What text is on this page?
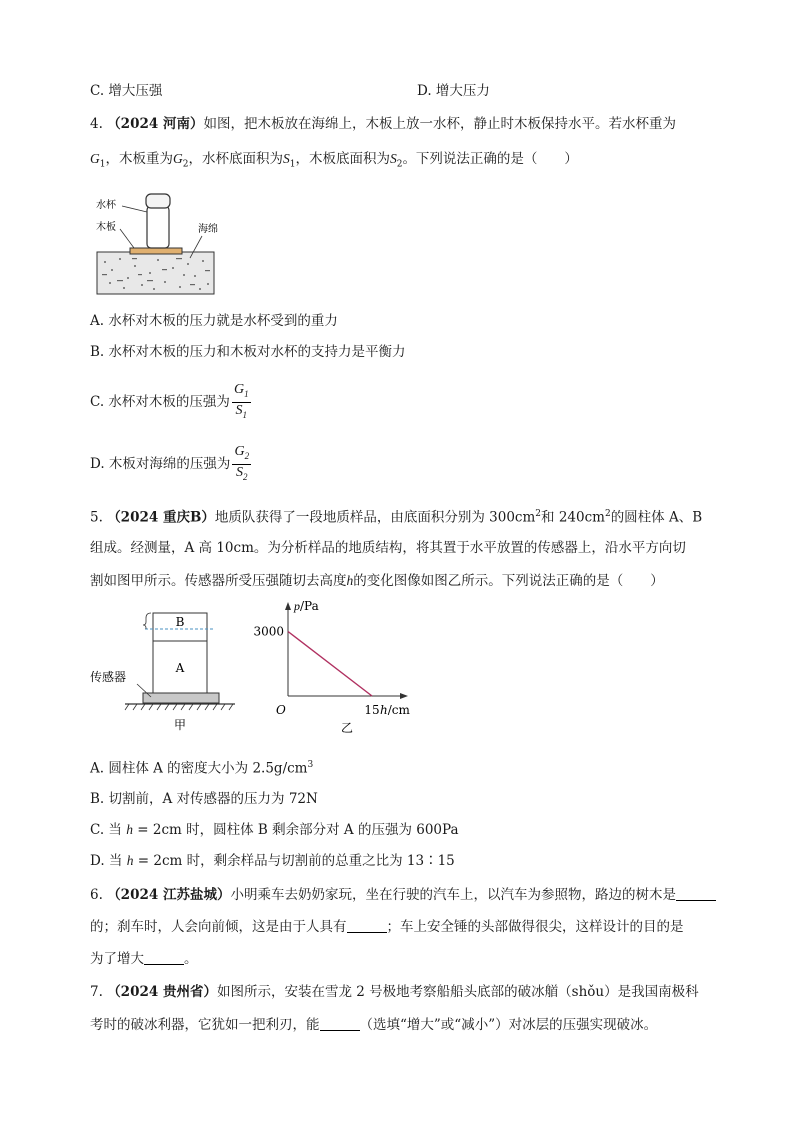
C. 增大压强	D. 增大压力
4. （2024 河南）如图，把木板放在海绵上，木板上放一水杯，静止时木板保持水平。若水杯重为
$G_1$，木板重为$G_2$，水杯底面积为$S_1$，木板底面积为$S_2$。下列说法正确的是（　　）
水杯
木板	海绵
A. 水杯对木板的压力就是水杯受到的重力
B. 水杯对木板的压力和木板对水杯的支持力是平衡力
C. 水杯对木板的压强为 $\frac{G_1}{S_1}$
D. 木板对海绵的压强为 $\frac{G_2}{S_2}$
5. （2024 重庆B）地质队获得了一段地质样品，由底面积分别为 $300cm^2$和 $240cm^2$的圆柱体 A、B
组成。经测量，A 高 10cm。为分析样品的地质结构，将其置于水平放置的传感器上，沿水平方向切
割如图甲所示。传感器所受压强随切去高度h的变化图像如图乙所示。下列说法正确的是（　　）
B
A
传感器
甲
p/Pa
h/cm
O
3000
15
乙
A. 圆柱体 A 的密度大小为 $2.5g/cm^3$
B. 切割前，A 对传感器的压力为 72N
C. 当 h = 2cm 时，圆柱体 B 剩余部分对 A 的压强为 600Pa
D. 当 h = 2cm 时，剩余样品与切割前的总重之比为 13∶15
6. （2024 江苏盐城）小明乘车去奶奶家玩，坐在行驶的汽车上，以汽车为参照物，路边的树木是
的；刹车时，人会向前倾，这是由于人具有	；车上安全锤的头部做得很尖，这样设计的目的是
为了增大	。
7. （2024 贵州省）如图所示，安装在雪龙 2 号极地考察船船头底部的破冰艏（shǒu）是我国南极科
考时的破冰利器，它犹如一把利刃，能	（选填“增大”或“减小”）对冰层的压强实现破冰。
